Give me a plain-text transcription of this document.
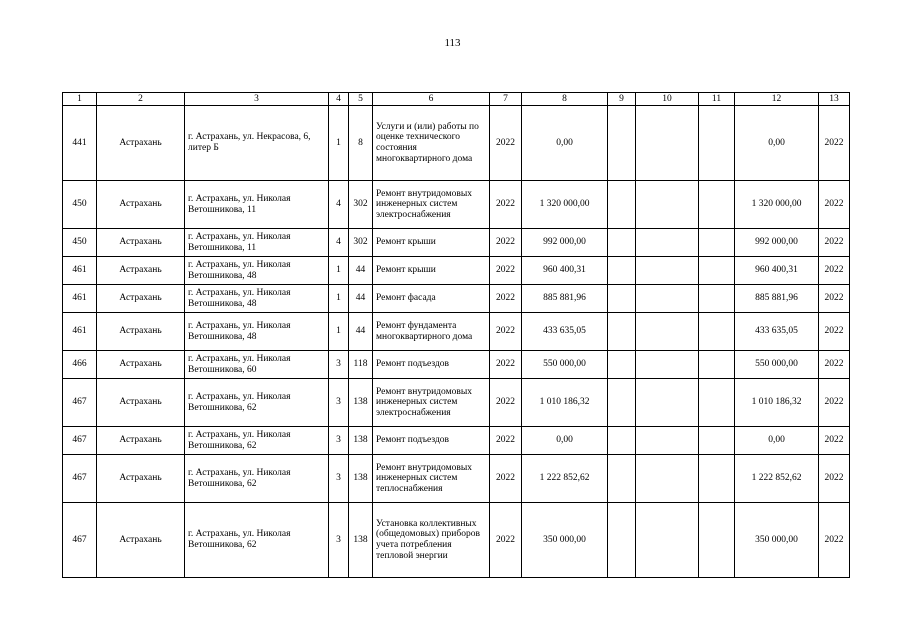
113
1	2	3	4	5	6	7	8	9	10	11	12	13
441	Астрахань	г. Астрахань, ул. Некрасова, 6, литер Б	1	8	Услуги и (или) работы по оценке технического состояния многоквартирного дома	2022	0,00				0,00	2022
450	Астрахань	г. Астрахань, ул. Николая Ветошникова, 11	4	302	Ремонт внутридомовых инженерных систем электроснабжения	2022	1 320 000,00				1 320 000,00	2022
450	Астрахань	г. Астрахань, ул. Николая Ветошникова, 11	4	302	Ремонт крыши	2022	992 000,00				992 000,00	2022
461	Астрахань	г. Астрахань, ул. Николая Ветошникова, 48	1	44	Ремонт крыши	2022	960 400,31				960 400,31	2022
461	Астрахань	г. Астрахань, ул. Николая Ветошникова, 48	1	44	Ремонт фасада	2022	885 881,96				885 881,96	2022
461	Астрахань	г. Астрахань, ул. Николая Ветошникова, 48	1	44	Ремонт фундамента многоквартирного дома	2022	433 635,05				433 635,05	2022
466	Астрахань	г. Астрахань, ул. Николая Ветошникова, 60	3	118	Ремонт подъездов	2022	550 000,00				550 000,00	2022
467	Астрахань	г. Астрахань, ул. Николая Ветошникова, 62	3	138	Ремонт внутридомовых инженерных систем электроснабжения	2022	1 010 186,32				1 010 186,32	2022
467	Астрахань	г. Астрахань, ул. Николая Ветошникова, 62	3	138	Ремонт подъездов	2022	0,00				0,00	2022
467	Астрахань	г. Астрахань, ул. Николая Ветошникова, 62	3	138	Ремонт внутридомовых инженерных систем теплоснабжения	2022	1 222 852,62				1 222 852,62	2022
467	Астрахань	г. Астрахань, ул. Николая Ветошникова, 62	3	138	Установка коллективных (общедомовых) приборов учета потребления тепловой энергии	2022	350 000,00				350 000,00	2022
